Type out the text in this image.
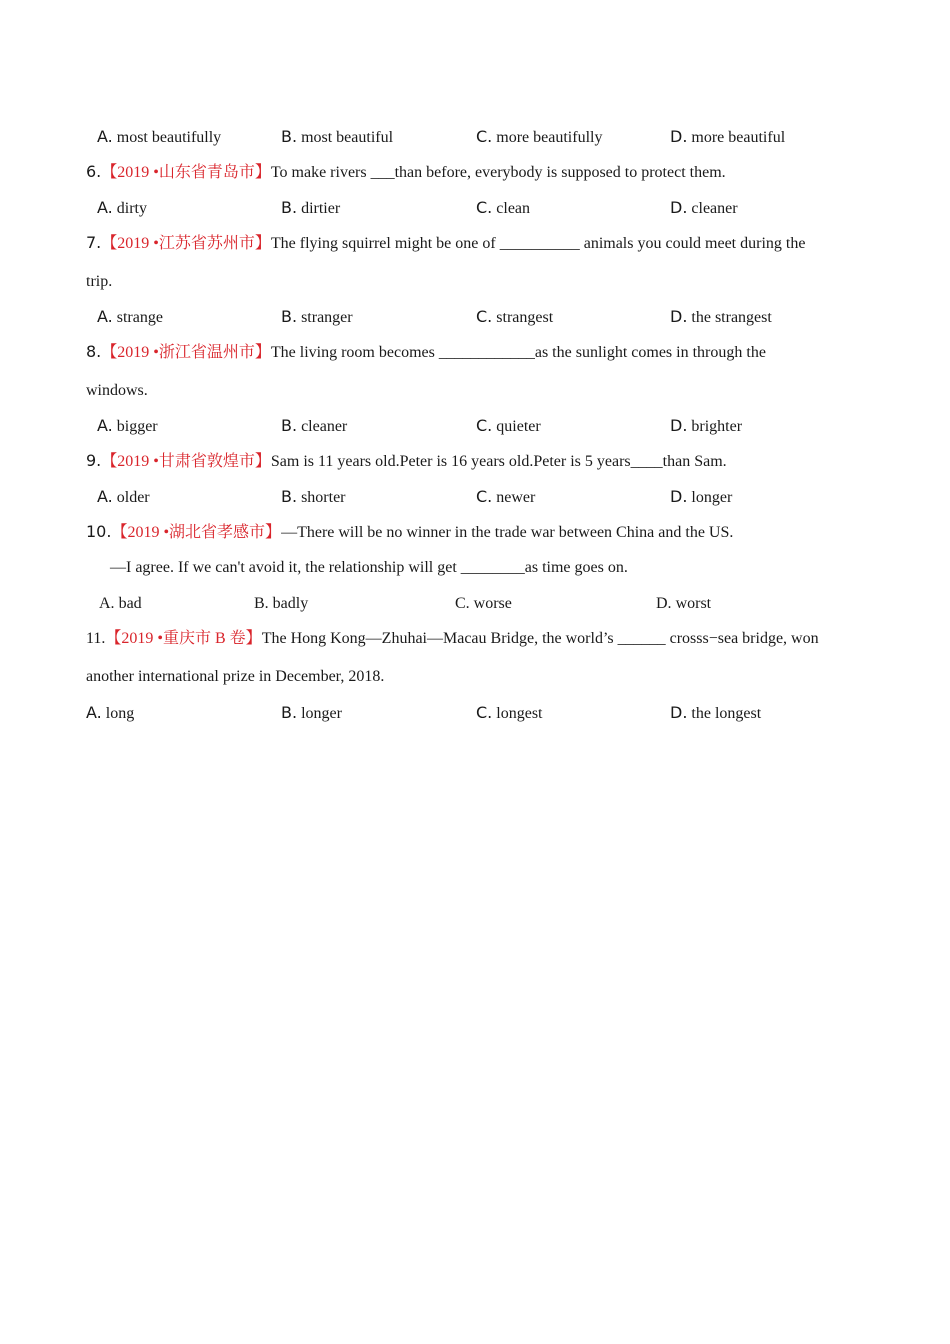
A. most beautifully	B. most beautiful	C. more beautifully	D. more beautiful
6.【2019 •山东省青岛市】To make rivers ___than before, everybody is supposed to protect them.
A. dirty	B. dirtier	C. clean	D. cleaner
7.【2019 •江苏省苏州市】The flying squirrel might be one of __________ animals you could meet during the
trip.
A. strange	B. stranger	C. strangest	D. the strangest
8.【2019 •浙江省温州市】The living room becomes ____________as the sunlight comes in through the
windows.
A. bigger	B. cleaner	C. quieter	D. brighter
9.【2019 •甘肃省敦煌市】Sam is 11 years old.Peter is 16 years old.Peter is 5 years____than Sam.
A. older	B. shorter	C. newer	D. longer
10.【2019 •湖北省孝感市】—There will be no winner in the trade war between China and the US.
—I agree. If we can't avoid it, the relationship will get ________as time goes on.
A. bad	B. badly	C. worse	D. worst
11.【2019 •重庆市 B 卷】The Hong Kong—Zhuhai—Macau Bridge, the world’s ______ crosss−sea bridge, won
another international prize in December, 2018.
A. long	B. longer	C. longest	D. the longest
